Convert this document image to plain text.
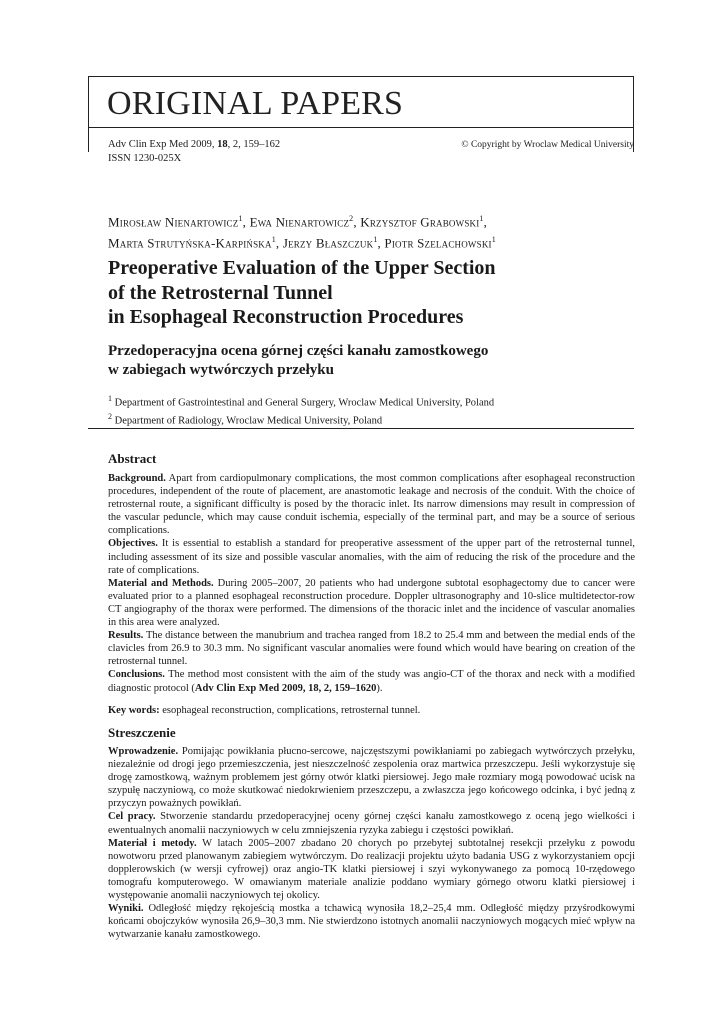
ORIGINAL PAPERS
Adv Clin Exp Med 2009, 18, 2, 159–162
ISSN 1230-025X
© Copyright by Wroclaw Medical University
Mirosław Nienartowicz$^1$, Ewa Nienartowicz$^2$, Krzysztof Grabowski$^1$,
Marta Strutyńska-Karpińska$^1$, Jerzy Błaszczuk$^1$, Piotr Szelachowski$^1$
Preoperative Evaluation of the Upper Section
of the Retrosternal Tunnel
in Esophageal Reconstruction Procedures
Przedoperacyjna ocena górnej części kanału zamostkowego
w zabiegach wytwórczych przełyku
$^1$ Department of Gastrointestinal and General Surgery, Wroclaw Medical University, Poland
$^2$ Department of Radiology, Wroclaw Medical University, Poland
Abstract

Background. Apart from cardiopulmonary complications, the most common complications after esophageal reconstruction procedures, independent of the route of placement, are anastomotic leakage and necrosis of the conduit. With the choice of retrosternal route, a significant difficulty is posed by the thoracic inlet. Its narrow dimensions may result in compression of the vascular peduncle, which may cause conduit ischemia, especially of the terminal part, and may be a source of serious complications.

Objectives. It is essential to establish a standard for preoperative assessment of the upper part of the retrosternal tunnel, including assessment of its size and possible vascular anomalies, with the aim of reducing the risk of the procedure and the rate of complications.

Material and Methods. During 2005–2007, 20 patients who had undergone subtotal esophagectomy due to cancer were evaluated prior to a planned esophageal reconstruction procedure. Doppler ultrasonography and 10-slice multidetector-row CT angiography of the thorax were performed. The dimensions of the thoracic inlet and the incidence of vascular anomalies in this area were analyzed.

Results. The distance between the manubrium and trachea ranged from 18.2 to 25.4 mm and between the medial ends of the clavicles from 26.9 to 30.3 mm. No significant vascular anomalies were found which would have bearing on creation of the retrosternal tunnel.

Conclusions. The method most consistent with the aim of the study was angio-CT of the thorax and neck with a modified diagnostic protocol (Adv Clin Exp Med 2009, 18, 2, 159–1620).

Key words: esophageal reconstruction, complications, retrosternal tunnel.

Streszczenie

Wprowadzenie. Pomijając powikłania płucno-sercowe, najczęstszymi powikłaniami po zabiegach wytwórczych przełyku, niezależnie od drogi jego przemieszczenia, jest nieszczelność zespolenia oraz martwica przeszczepu. Jeśli wykorzystuje się drogę zamostkową, ważnym problemem jest górny otwór klatki piersiowej. Jego małe rozmiary mogą powodować ucisk na szypułę naczyniową, co może skutkować niedokrwieniem przeszczepu, a zwłaszcza jego końcowego odcinka, i być jedną z przyczyn poważnych powikłań.

Cel pracy. Stworzenie standardu przedoperacyjnej oceny górnej części kanału zamostkowego z oceną jego wielkości i ewentualnych anomalii naczyniowych w celu zmniejszenia ryzyka zabiegu i częstości powikłań.

Materiał i metody. W latach 2005–2007 zbadano 20 chorych po przebytej subtotalnej resekcji przełyku z powodu nowotworu przed planowanym zabiegiem wytwórczym. Do realizacji projektu użyto badania USG z wykorzystaniem opcji dopplerowskich (w wersji cyfrowej) oraz angio-TK klatki piersiowej i szyi wykonywanego za pomocą 10-rzędowego tomografu komputerowego. W omawianym materiale analizie poddano wymiary górnego otworu klatki piersiowej i występowanie anomalii naczyniowych tej okolicy.

Wyniki. Odległość między rękojeścią mostka a tchawicą wynosiła 18,2–25,4 mm. Odległość między przyśrodkowymi końcami obojczyków wynosiła 26,9–30,3 mm. Nie stwierdzono istotnych anomalii naczyniowych mogących mieć wpływ na wytwarzanie kanału zamostkowego.
